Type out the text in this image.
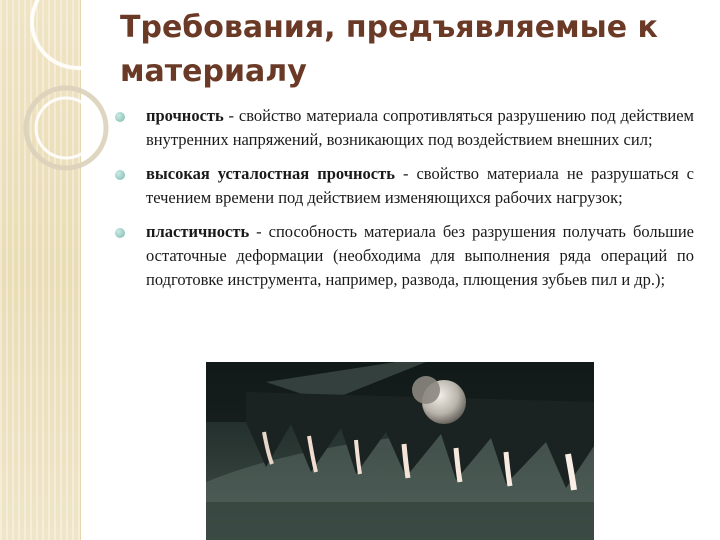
Требования, предъявляемые к материалу
прочность - свойство материала сопротивляться разрушению под действием внутренних напряжений, возникающих под воздействием внешних сил;
высокая усталостная прочность - свойство материала не разрушаться с течением времени под действием изменяющихся рабочих нагрузок;
пластичность - способность материала без разрушения получать большие остаточные деформации (необходима для выполнения ряда операций по подготовке инструмента, например, развода, плющения зубьев пил и др.);
